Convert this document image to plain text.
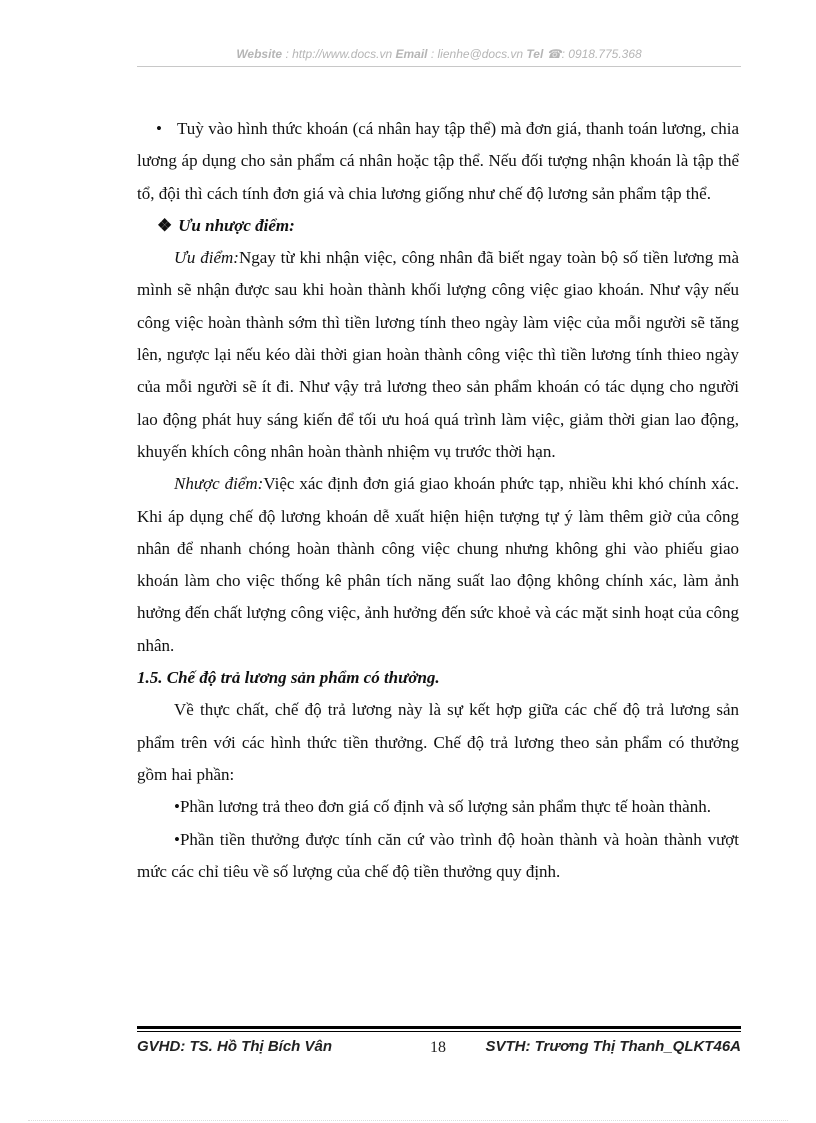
Website : http://www.docs.vn Email : lienhe@docs.vn Tel ☎: 0918.775.368

• Tuỳ vào hình thức khoán (cá nhân hay tập thể) mà đơn giá, thanh toán lương, chia lương áp dụng cho sản phẩm cá nhân hoặc tập thể. Nếu đối tượng nhận khoán là tập thể tổ, đội thì cách tính đơn giá và chia lương giống như chế độ lương sản phẩm tập thể.

❖ Ưu nhược điểm:

Ưu điểm:Ngay từ khi nhận việc, công nhân đã biết ngay toàn bộ số tiền lương mà mình sẽ nhận được sau khi hoàn thành khối lượng công việc giao khoán. Như vậy nếu công việc hoàn thành sớm thì tiền lương tính theo ngày làm việc của mỗi người sẽ tăng lên, ngược lại nếu kéo dài thời gian hoàn thành công việc thì tiền lương tính thieo ngày của mỗi người sẽ ít đi. Như vậy trả lương theo sản phẩm khoán có tác dụng cho người lao động phát huy sáng kiến để tối ưu hoá quá trình làm việc, giảm thời gian lao động, khuyến khích công nhân hoàn thành nhiệm vụ trước thời hạn.

Nhược điểm:Việc xác định đơn giá giao khoán phức tạp, nhiều khi khó chính xác. Khi áp dụng chế độ lương khoán dễ xuất hiện hiện tượng tự ý làm thêm giờ của công nhân để nhanh chóng hoàn thành công việc chung nhưng không ghi vào phiếu giao khoán làm cho việc thống kê phân tích năng suất lao động không chính xác, làm ảnh hưởng đến chất lượng công việc, ảnh hưởng đến sức khoẻ và các mặt sinh hoạt của công nhân.

1.5. Chế độ trả lương sản phẩm có thưởng.

Về thực chất, chế độ trả lương này là sự kết hợp giữa các chế độ trả lương sản phẩm trên với các hình thức tiền thưởng. Chế độ trả lương theo sản phẩm có thưởng gồm hai phần:

•Phần lương trả theo đơn giá cố định và số lượng sản phẩm thực tế hoàn thành.

•Phần tiền thưởng được tính căn cứ vào trình độ hoàn thành và hoàn thành vượt mức các chỉ tiêu về số lượng của chế độ tiền thưởng quy định.

GVHD: TS. Hồ Thị Bích Vân	18	SVTH: Trương Thị Thanh_QLKT46A
